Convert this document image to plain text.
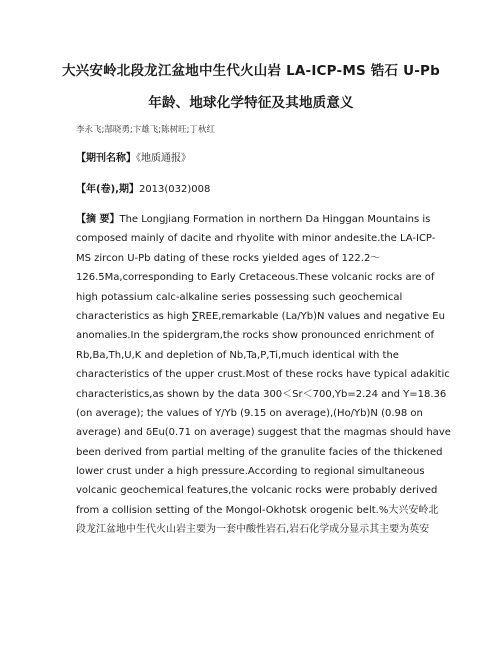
大兴安岭北段龙江盆地中生代火山岩 LA-ICP-MS 锆石 U-Pb
年龄、地球化学特征及其地质意义
李永飞;郜晓勇;卞雄飞;陈树旺;丁秋红
【期刊名称】《地质通报》
【年(卷),期】2013(032)008
【摘 要】The Longjiang Formation in northern Da Hinggan Mountains is
composed mainly of dacite and rhyolite with minor andesite.the LA-ICP-
MS zircon U-Pb dating of these rocks yielded ages of 122.2～
126.5Ma,corresponding to Early Cretaceous.These volcanic rocks are of
high potassium calc-alkaline series possessing such geochemical
characteristics as high ∑REE,remarkable (La/Yb)N values and negative Eu
anomalies.In the spidergram,the rocks show pronounced enrichment of
Rb,Ba,Th,U,K and depletion of Nb,Ta,P,Ti,much identical with the
characteristics of the upper crust.Most of these rocks have typical adakitic
characteristics,as shown by the data 300＜Sr＜700,Yb=2.24 and Y=18.36
(on average); the values of Y/Yb (9.15 on average),(Ho/Yb)N (0.98 on
average) and δEu(0.71 on average) suggest that the magmas should have
been derived from partial melting of the granulite facies of the thickened
lower crust under a high pressure.According to regional simultaneous
volcanic geochemical features,the volcanic rocks were probably derived
from a collision setting of the Mongol-Okhotsk orogenic belt.%大兴安岭北
段龙江盆地中生代火山岩主要为一套中酸性岩石,岩石化学成分显示其主要为英安
